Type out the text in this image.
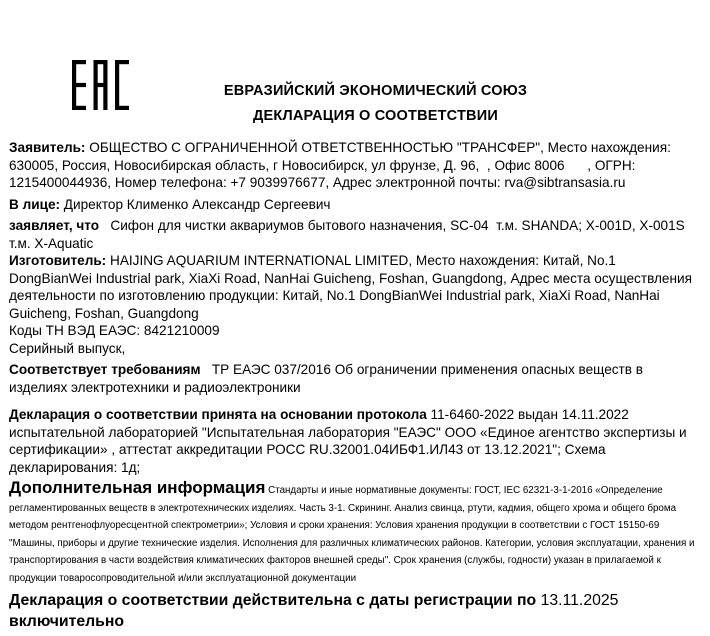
ЕВРАЗИЙСКИЙ ЭКОНОМИЧЕСКИЙ СОЮЗ
ДЕКЛАРАЦИЯ О СООТВЕТСТВИИ

Заявитель: ОБЩЕСТВО С ОГРАНИЧЕННОЙ ОТВЕТСТВЕННОСТЬЮ "ТРАНСФЕР", Место нахождения: 630005, Россия, Новосибирская область, г Новосибирск, ул фрунзе, Д. 96,  , Офис 8006      , ОГРН: 1215400044936, Номер телефона: +7 9039976677, Адрес электронной почты: rva@sibtransasia.ru

В лице: Директор Клименко Александр Сергеевич

заявляет, что   Сифон для чистки аквариумов бытового назначения, SC-04  т.м. SHANDA; X-001D, X-001S  т.м. X-Aquatic

Изготовитель: HAIJING AQUARIUM INTERNATIONAL LIMITED, Место нахождения: Китай, No.1 DongBianWei Industrial park, XiaXi Road, NanHai Guicheng, Foshan, Guangdong, Адрес места осуществления деятельности по изготовлению продукции: Китай, No.1 DongBianWei Industrial park, XiaXi Road, NanHai Guicheng, Foshan, Guangdong

Коды ТН ВЭД ЕАЭС: 8421210009

Серийный выпуск,

Соответствует требованиям   ТР ЕАЭС 037/2016 Об ограничении применения опасных веществ в изделиях электротехники и радиоэлектроники

Декларация о соответствии принята на основании протокола 11-6460-2022 выдан 14.11.2022 испытательной лабораторией "Испытательная лаборатория "ЕАЭС" ООО «Единое агентство экспертизы и сертификации» , аттестат аккредитации РОСС RU.32001.04ИБФ1.ИЛ43 от 13.12.2021"; Схема декларирования: 1д;

Дополнительная информация Стандарты и иные нормативные документы: ГОСТ, IEC 62321-3-1-2016 «Определение регламентированных веществ в электротехнических изделиях. Часть 3-1. Скрининг. Анализ свинца, ртути, кадмия, общего хрома и общего брома методом рентгенофлуоресцентной спектрометрии»; Условия и сроки хранения: Условия хранения продукции в соответствии с ГОСТ 15150-69 "Машины, приборы и другие технические изделия. Исполнения для различных климатических районов. Категории, условия эксплуатации, хранения и транспортирования в части воздействия климатических факторов внешней среды". Срок хранения (службы, годности) указан в прилагаемой к продукции товаросопроводительной и/или эксплуатационной документации

Декларация о соответствии действительна с даты регистрации по 13.11.2025
включительно
